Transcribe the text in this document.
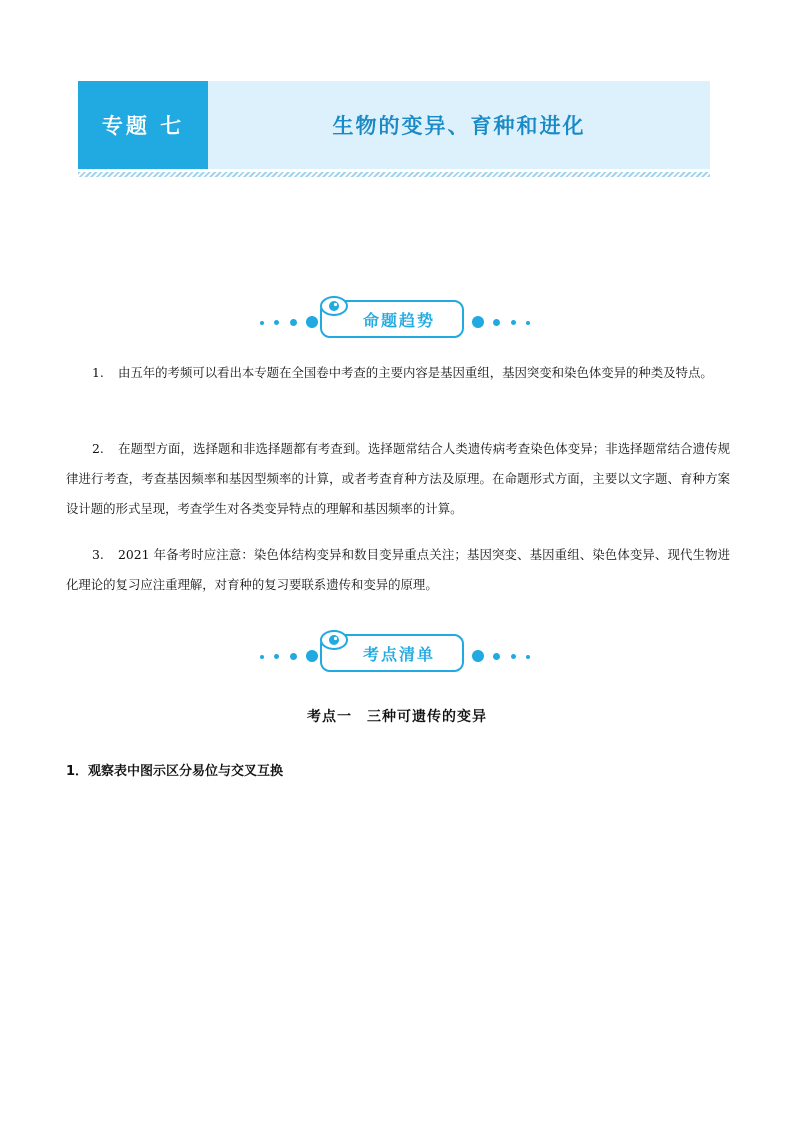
专题 七	生物的变异、育种和进化
命题趋势
1. 由五年的考频可以看出本专题在全国卷中考查的主要内容是基因重组，基因突变和染色体变异的种类及特点。
2. 在题型方面，选择题和非选择题都有考查到。选择题常结合人类遗传病考查染色体变异；非选择题常结合遗传规律进行考查，考查基因频率和基因型频率的计算，或者考查育种方法及原理。在命题形式方面，主要以文字题、育种方案设计题的形式呈现，考查学生对各类变异特点的理解和基因频率的计算。
3. 2021 年备考时应注意：染色体结构变异和数目变异重点关注；基因突变、基因重组、染色体变异、现代生物进化理论的复习应注重理解，对育种的复习要联系遗传和变异的原理。
考点清单
考点一　三种可遗传的变异
1．观察表中图示区分易位与交叉互换
